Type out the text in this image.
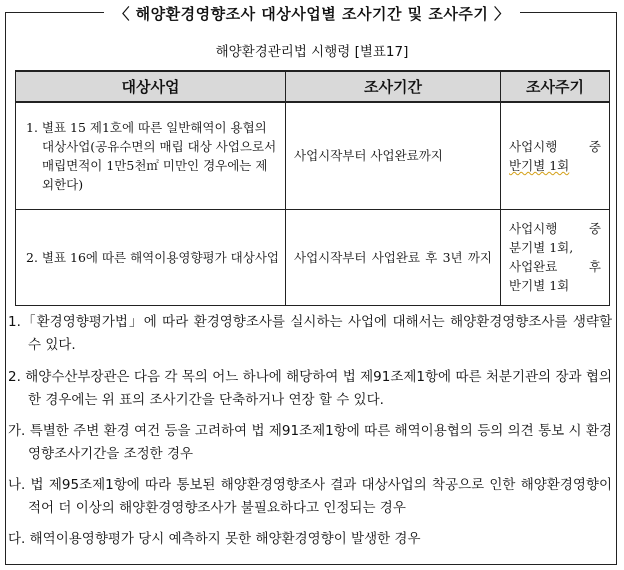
〈 해양환경영향조사 대상사업별 조사기간 및 조사주기 〉
해양환경관리법 시행령 [별표17]
대상사업	조사기간	조사주기

1. 별표 15 제1호에 따른 일반해역이 용협의 대상사업(공유수면의 매립 대상 사업으로서 매립면적이 1만5천㎡ 미만인 경우에는 제외한다)	사업시작부터 사업완료까지	사업시행 중
반기별 1회

2. 별표 16에 따른 해역이용영향평가 대상사업	사업시작부터 사업완료 후 3년 까지	사업시행 중
분기별 1회,
사업완료 후
반기별 1회
1.「환경영향평가법」에 따라 환경영향조사를 실시하는 사업에 대해서는 해양환경영향조사를 생략할 수 있다.
2. 해양수산부장관은 다음 각 목의 어느 하나에 해당하여 법 제91조제1항에 따른 처분기관의 장과 협의한 경우에는 위 표의 조사기간을 단축하거나 연장 할 수 있다.
가. 특별한 주변 환경 여건 등을 고려하여 법 제91조제1항에 따른 해역이용협의 등의 의견 통보 시 환경영향조사기간을 조정한 경우
나. 법 제95조제1항에 따라 통보된 해양환경영향조사 결과 대상사업의 착공으로 인한 해양환경영향이 적어 더 이상의 해양환경영향조사가 불필요하다고 인정되는 경우
다. 해역이용영향평가 당시 예측하지 못한 해양환경영향이 발생한 경우
